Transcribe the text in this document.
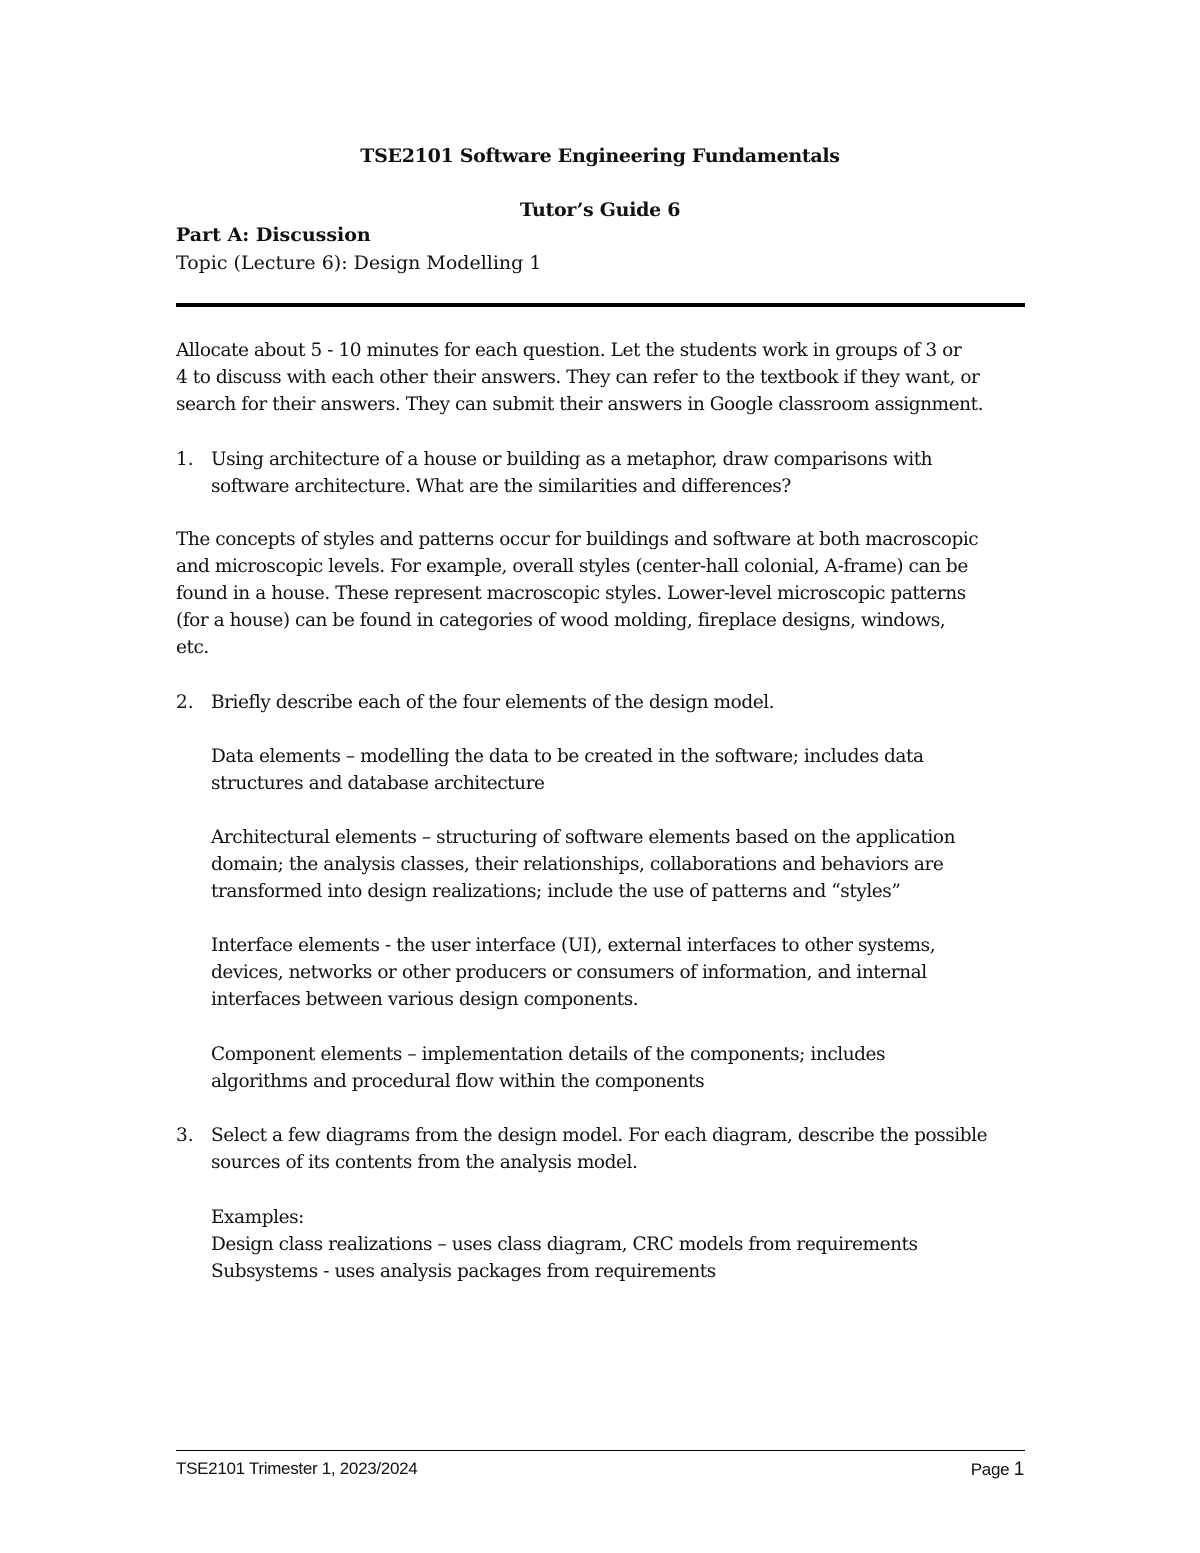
TSE2101 Software Engineering Fundamentals
Tutor’s Guide 6
Part A: Discussion
Topic (Lecture 6): Design Modelling 1
Allocate about 5 - 10 minutes for each question. Let the students work in groups of 3 or
4 to discuss with each other their answers. They can refer to the textbook if they want, or
search for their answers. They can submit their answers in Google classroom assignment.
1. Using architecture of a house or building as a metaphor, draw comparisons with
software architecture. What are the similarities and differences?
The concepts of styles and patterns occur for buildings and software at both macroscopic
and microscopic levels. For example, overall styles (center-hall colonial, A-frame) can be
found in a house. These represent macroscopic styles. Lower-level microscopic patterns
(for a house) can be found in categories of wood molding, fireplace designs, windows,
etc.
2. Briefly describe each of the four elements of the design model.
Data elements – modelling the data to be created in the software; includes data
structures and database architecture
Architectural elements – structuring of software elements based on the application
domain; the analysis classes, their relationships, collaborations and behaviors are
transformed into design realizations; include the use of patterns and “styles”
Interface elements - the user interface (UI), external interfaces to other systems,
devices, networks or other producers or consumers of information, and internal
interfaces between various design components.
Component elements – implementation details of the components; includes
algorithms and procedural flow within the components
3. Select a few diagrams from the design model. For each diagram, describe the possible
sources of its contents from the analysis model.
Examples:
Design class realizations – uses class diagram, CRC models from requirements
Subsystems - uses analysis packages from requirements
TSE2101 Trimester 1, 2023/2024	Page 1
